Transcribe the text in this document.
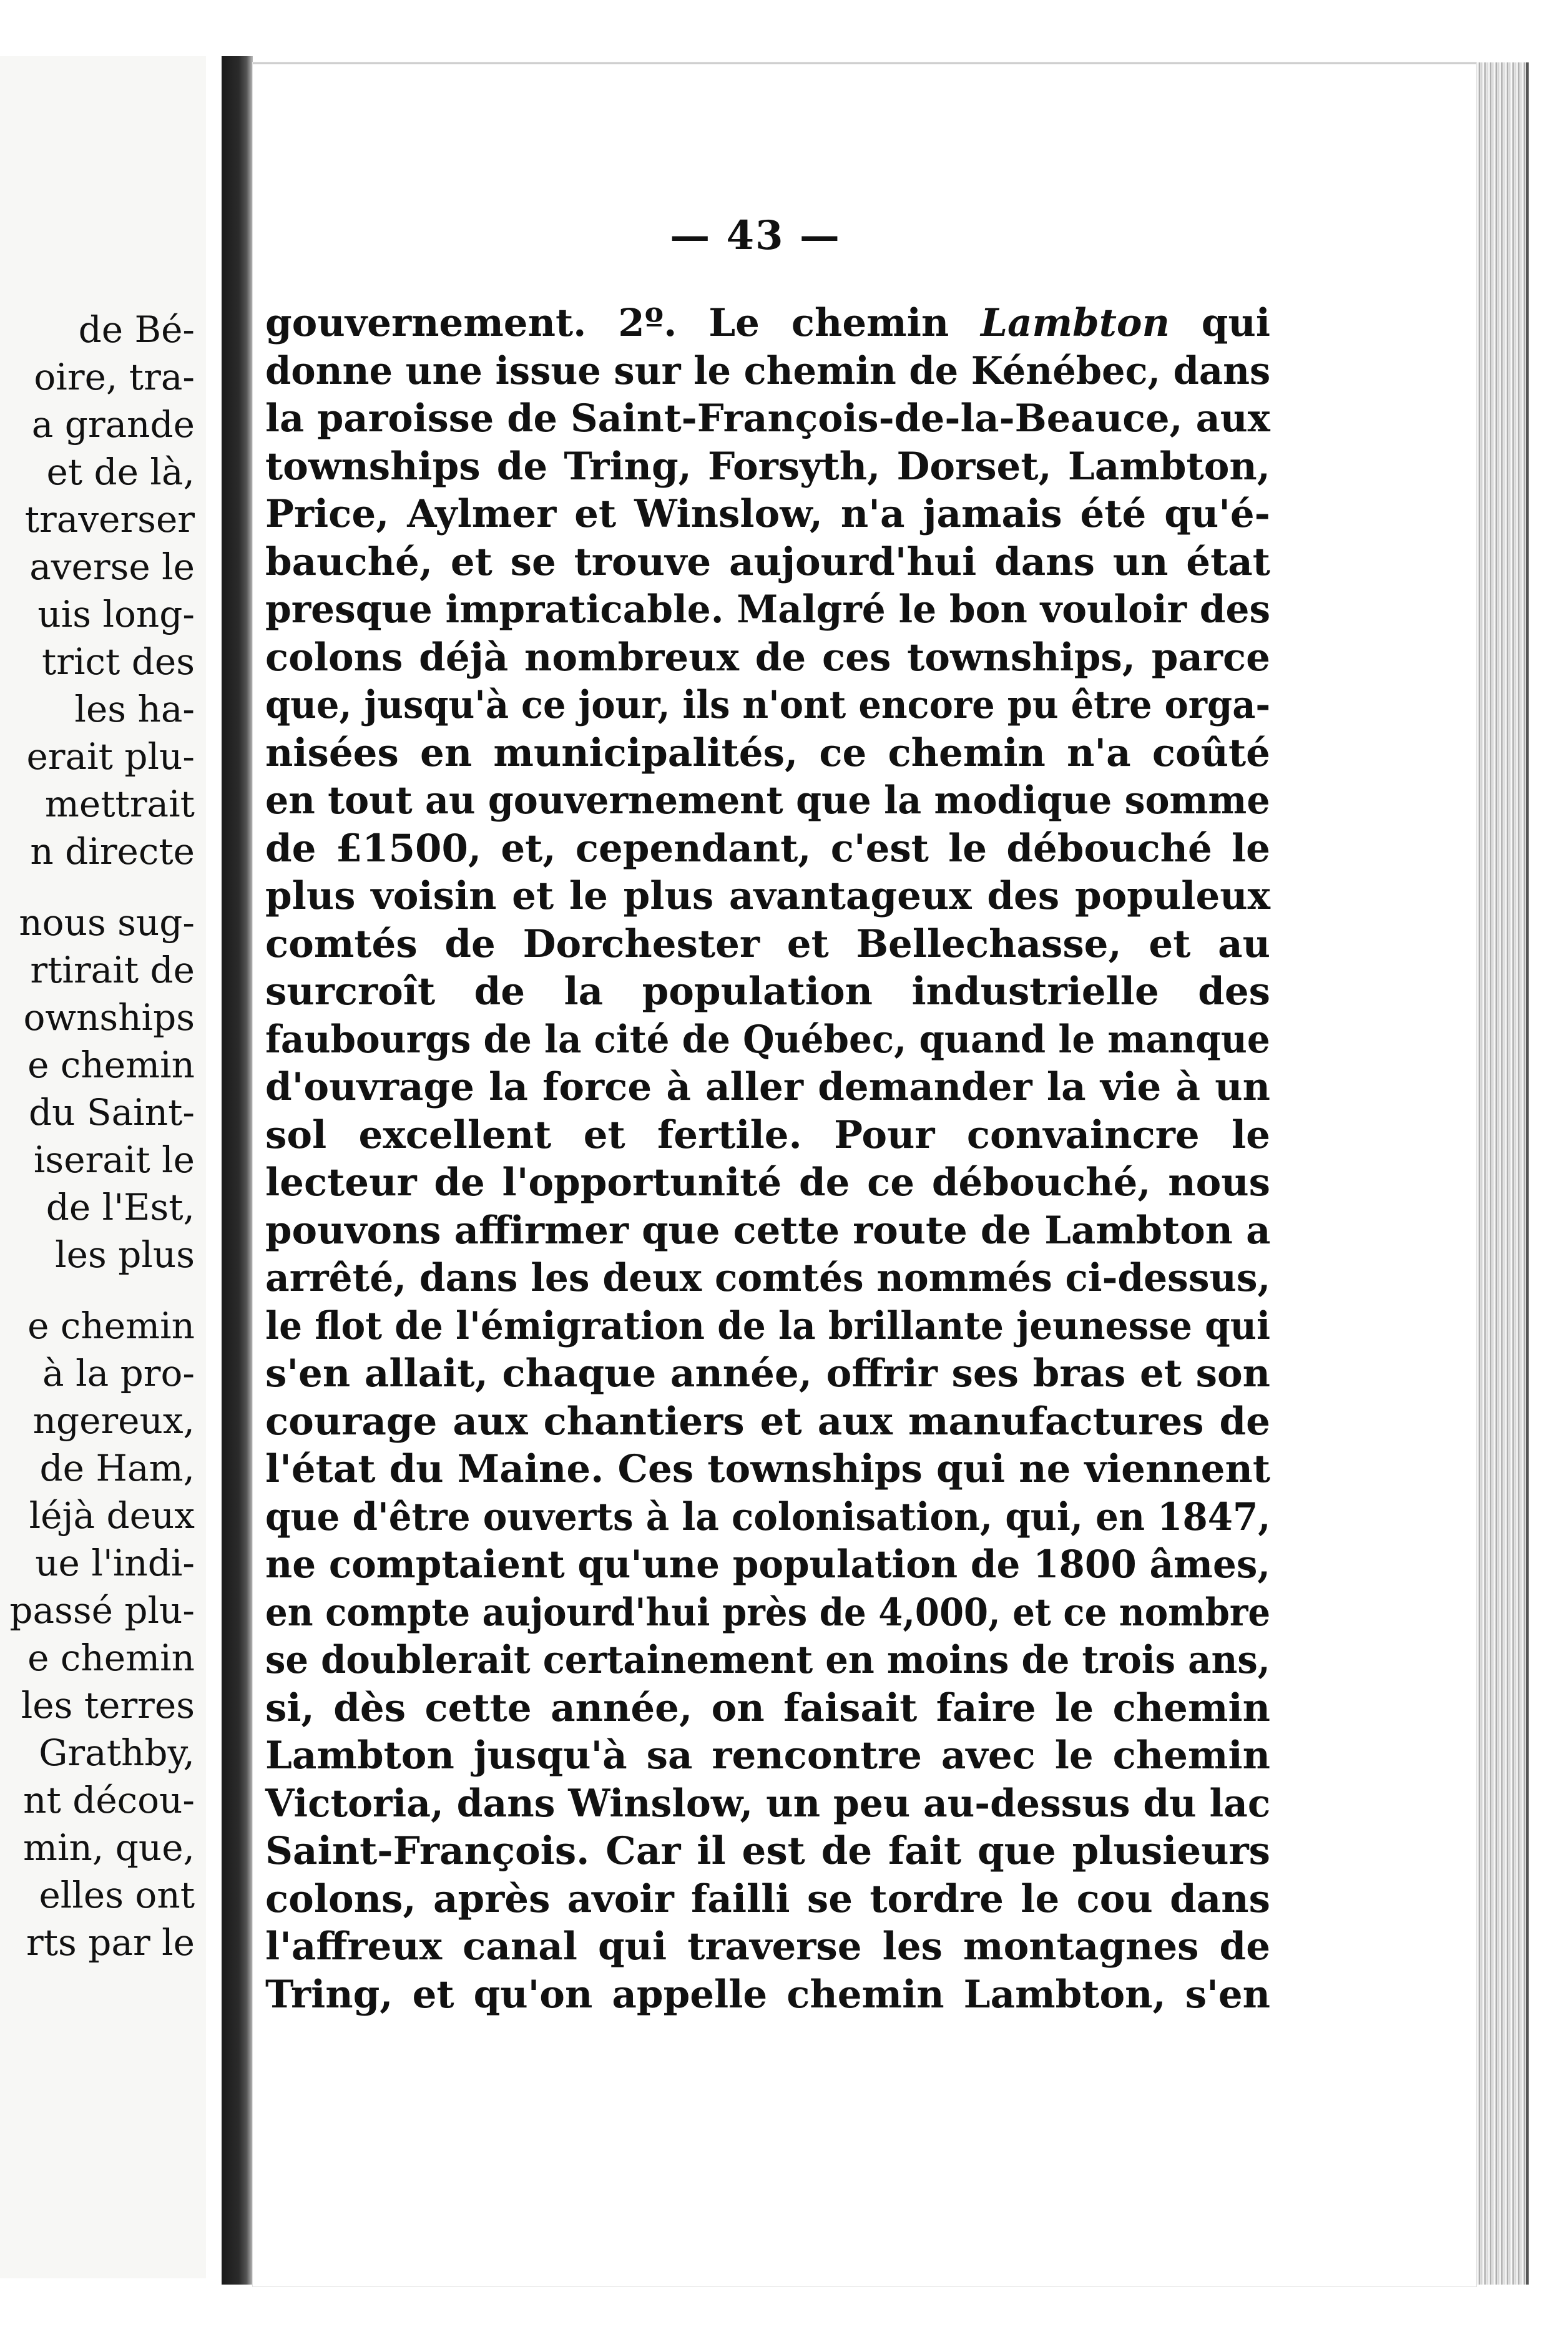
de Bé-
oire, tra-
a grande
et de là,
traverser
averse le
uis long-
trict des
les ha-
erait plu-
mettrait
n directe
nous sug-
rtirait de
ownships
e chemin
du Saint-
iserait le
de l'Est,
les plus
e chemin
à la pro-
ngereux,
de Ham,
léjà deux
ue l'indi-
passé plu-
e chemin
les terres
Grathby,
nt décou-
min, que,
elles ont
rts par le
— 43 —
gouvernement. 2º. Le chemin Lambton qui
donne une issue sur le chemin de Kénébec, dans la paroisse de Saint-François-de-la-Beauce, aux
townships de Tring, Forsyth, Dorset, Lambton,
Price, Aylmer et Winslow, n'a jamais été qu'é-
bauché, et se trouve aujourd'hui dans un état
presque impraticable. Malgré le bon vouloir des
colons déjà nombreux de ces townships, parce
que, jusqu'à ce jour, ils n'ont encore pu être orga-
nisées en municipalités, ce chemin n'a coûté
en tout au gouvernement que la modique somme
de £1500, et, cependant, c'est le débouché le
plus voisin et le plus avantageux des populeux
comtés de Dorchester et Bellechasse, et au
surcroît de la population industrielle des
faubourgs de la cité de Québec, quand le manque
d'ouvrage la force à aller demander la vie à un
sol excellent et fertile. Pour convaincre le
lecteur de l'opportunité de ce débouché, nous
pouvons affirmer que cette route de Lambton a arrêté, dans les deux comtés nommés ci-dessus, le flot de l'émigration de la brillante jeunesse qui
s'en allait, chaque année, offrir ses bras et son
courage aux chantiers et aux manufactures de
l'état du Maine. Ces townships qui ne viennent
que d'être ouverts à la colonisation, qui, en 1847, ne comptaient qu'une population de 1800 âmes, en compte aujourd'hui près de 4,000, et ce nombre se doublerait certainement en moins de trois ans,
si, dès cette année, on faisait faire le chemin
Lambton jusqu'à sa rencontre avec le chemin
Victoria, dans Winslow, un peu au-dessus du lac
Saint-François. Car il est de fait que plusieurs
colons, après avoir failli se tordre le cou dans
l'affreux canal qui traverse les montagnes de
Tring, et qu'on appelle chemin Lambton, s'en
